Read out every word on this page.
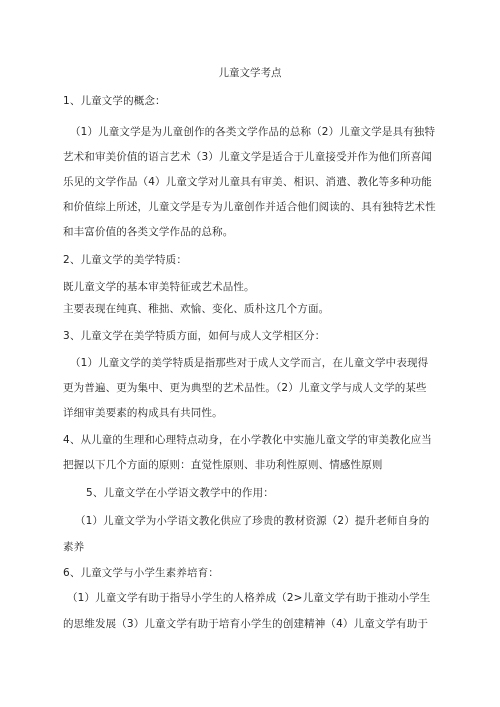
儿童文学考点
1、儿童文学的概念：
（1）儿童文学是为儿童创作的各类文学作品的总称（2）儿童文学是具有独特
艺术和审美价值的语言艺术（3）儿童文学是适合于儿童接受并作为他们所喜闻
乐见的文学作品（4）儿童文学对儿童具有审美、相识、消遣、教化等多种功能
和价值综上所述，儿童文学是专为儿童创作并适合他们阅读的、具有独特艺术性
和丰富价值的各类文学作品的总称。
2、儿童文学的美学特质：
既儿童文学的基本审美特征或艺术品性。
主要表现在纯真、稚拙、欢愉、变化、质朴这几个方面。
3、儿童文学在美学特质方面，如何与成人文学相区分：
（1）儿童文学的美学特质是指那些对于成人文学而言，在儿童文学中表现得
更为普遍、更为集中、更为典型的艺术品性。（2）儿童文学与成人文学的某些
详细审美要素的构成具有共同性。
4、从儿童的生理和心理特点动身，在小学教化中实施儿童文学的审美教化应当
把握以下几个方面的原则：直觉性原则、非功利性原则、情感性原则
5、儿童文学在小学语文教学中的作用：
（1）儿童文学为小学语文教化供应了珍贵的教材资源（2）提升老师自身的
素养
6、儿童文学与小学生素养培育：
（1）儿童文学有助于指导小学生的人格养成（2>儿童文学有助于推动小学生
的思维发展（3）儿童文学有助于培育小学生的创建精神（4）儿童文学有助于
